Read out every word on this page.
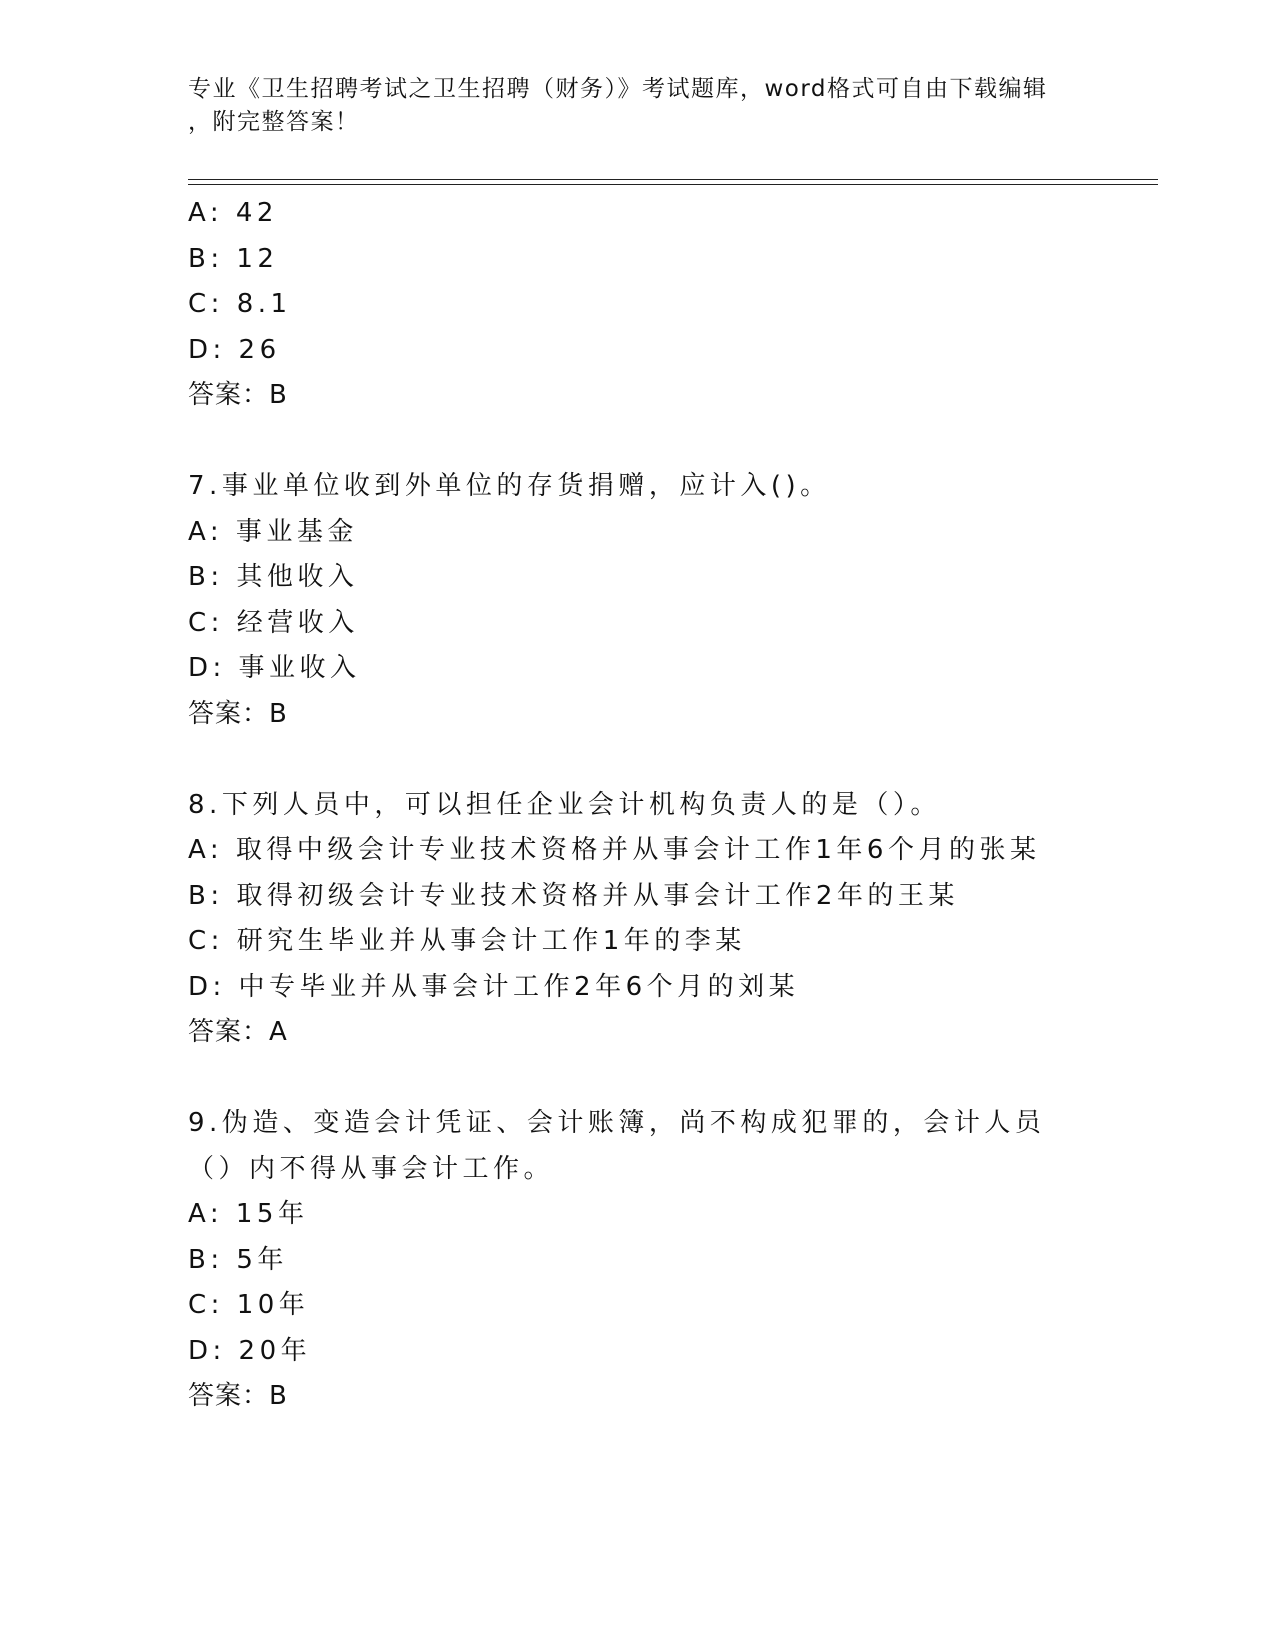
专业《卫生招聘考试之卫生招聘（财务）》考试题库，word格式可自由下载编辑
，附完整答案！
A: 42
B: 12
C: 8.1
D: 26
答案：B
7.事业单位收到外单位的存货捐赠，应计入()。
A: 事业基金
B: 其他收入
C: 经营收入
D: 事业收入
答案：B
8.下列人员中，可以担任企业会计机构负责人的是（）。
A: 取得中级会计专业技术资格并从事会计工作1年6个月的张某
B: 取得初级会计专业技术资格并从事会计工作2年的王某
C: 研究生毕业并从事会计工作1年的李某
D: 中专毕业并从事会计工作2年6个月的刘某
答案：A
9.伪造、变造会计凭证、会计账簿，尚不构成犯罪的，会计人员（）内不得从事会计工作。
A: 15年
B: 5年
C: 10年
D: 20年
答案：B
